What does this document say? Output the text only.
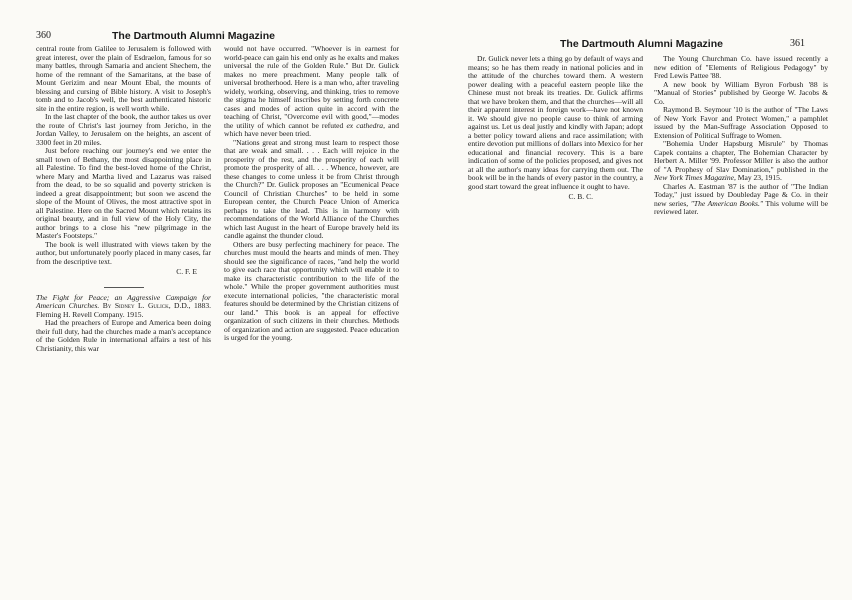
360	The Dartmouth Alumni Magazine

central route from Galilee to Jerusalem is followed with great interest, over the plain of Esdraelon, famous for so many battles, through Samaria and ancient Shechem, the home of the remnant of the Samaritans, at the base of Mount Gerizim and near Mount Ebal, the mounts of blessing and cursing of Bible history. A visit to Joseph's tomb and to Jacob's well, the best authenticated historic site in the entire region, is well worth while.

In the last chapter of the book, the author takes us over the route of Christ's last journey from Jericho, in the Jordan Valley, to Jerusalem on the heights, an ascent of 3300 feet in 20 miles.

Just before reaching our journey's end we enter the small town of Bethany, the most disappointing place in all Palestine. To find the best-loved home of the Christ, where Mary and Martha lived and Lazarus was raised from the dead, to be so squalid and poverty stricken is indeed a great disappointment; but soon we ascend the slope of the Mount of Olives, the most attractive spot in all Palestine. Here on the Sacred Mount which retains its original beauty, and in full view of the Holy City, the author brings to a close his "new pilgrimage in the Master's Footsteps."

The book is well illustrated with views taken by the author, but unfortunately poorly placed in many cases, far from the descriptive text.

C. F. E

The Fight for Peace; an Aggressive Campaign for American Churches. By Sidney L. Gulick, D.D., 1883. Fleming H. Revell Company. 1915.

Had the preachers of Europe and America been doing their full duty, had the churches made a man's acceptance of the Golden Rule in international affairs a test of his Christianity, this war

would not have occurred. "Whoever is in earnest for world-peace can gain his end only as he exalts and makes universal the rule of the Golden Rule." But Dr. Gulick makes no mere preachment. Many people talk of universal brotherhood. Here is a man who, after traveling widely, working, observing, and thinking, tries to remove the stigma he himself inscribes by setting forth concrete cases and modes of action quite in accord with the teaching of Christ, "Overcome evil with good,"—modes the utility of which cannot be refuted ex cathedra, and which have never been tried.

"Nations great and strong must learn to respect those that are weak and small. . . . Each will rejoice in the prosperity of the rest, and the prosperity of each will promote the prosperity of all. . . . Whence, however, are these changes to come unless it be from Christ through the Church?" Dr. Gulick proposes an "Ecumenical Peace Council of Christian Churches" to be held in some European center, the Church Peace Union of America perhaps to take the lead. This is in harmony with recommendations of the World Alliance of the Churches which last August in the heart of Europe bravely held its candle against the thunder cloud.

Others are busy perfecting machinery for peace. The churches must mould the hearts and minds of men. They should see the significance of races, "and help the world to give each race that opportunity which will enable it to make its characteristic contribution to the life of the whole." While the proper government authorities must execute international policies, "the characteristic moral features should be determined by the Christian citizens of our land." This book is an appeal for effective organization of such citizens in their churches. Methods of organization and action are suggested. Peace education is urged for the young.

The Dartmouth Alumni Magazine	361

Dr. Gulick never lets a thing go by default of ways and means; so he has them ready in national policies and in the attitude of the churches toward them. A western power dealing with a peaceful eastern people like the Chinese must not break its treaties. Dr. Gulick affirms that we have broken them, and that the churches—will all their apparent interest in foreign work—have not known it. We should give no people cause to think of arming against us. Let us deal justly and kindly with Japan; adopt a better policy toward aliens and race assimilation; with entire devotion put millions of dollars into Mexico for her educational and financial recovery. This is a bare indication of some of the policies proposed, and gives not at all the author's many ideas for carrying them out. The book will be in the hands of every pastor in the country, a good start toward the great influence it ought to have.

C. B. C.

The Young Churchman Co. have issued recently a new edition of "Elements of Religious Pedagogy" by Fred Lewis Pattee '88.

A new book by William Byron Forbush '88 is "Manual of Stories" published by George W. Jacobs & Co.

Raymond B. Seymour '10 is the author of "The Laws of New York Favor and Protect Women," a pamphlet issued by the Man-Suffrage Association Opposed to Extension of Political Suffrage to Women.

"Bohemia Under Hapsburg Misrule" by Thomas Capek contains a chapter, The Bohemian Character by Herbert A. Miller '99. Professor Miller is also the author of "A Prophesy of Slav Domination," published in the New York Times Magazine, May 23, 1915.

Charles A. Eastman '87 is the author of "The Indian Today," just issued by Doubleday Page & Co. in their new series, "The American Books." This volume will be reviewed later.
